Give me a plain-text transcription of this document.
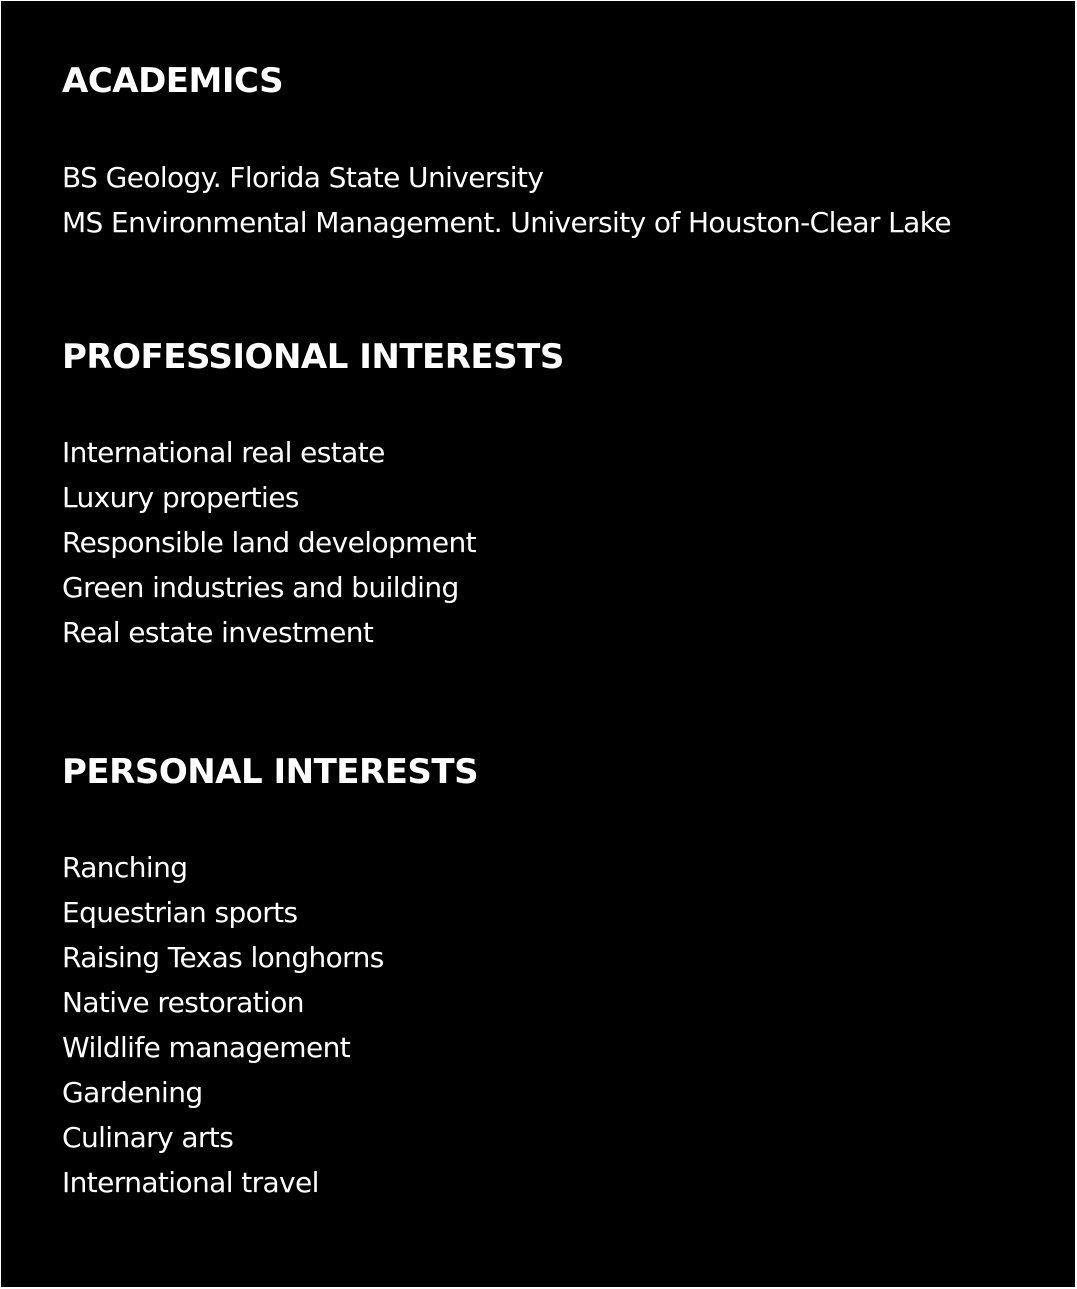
ACADEMICS

BS Geology. Florida State University

MS Environmental Management. University of Houston-Clear Lake

PROFESSIONAL INTERESTS

International real estate

Luxury properties

Responsible land development

Green industries and building

Real estate investment

PERSONAL INTERESTS

Ranching

Equestrian sports

Raising Texas longhorns

Native restoration

Wildlife management

Gardening

Culinary arts

International travel
